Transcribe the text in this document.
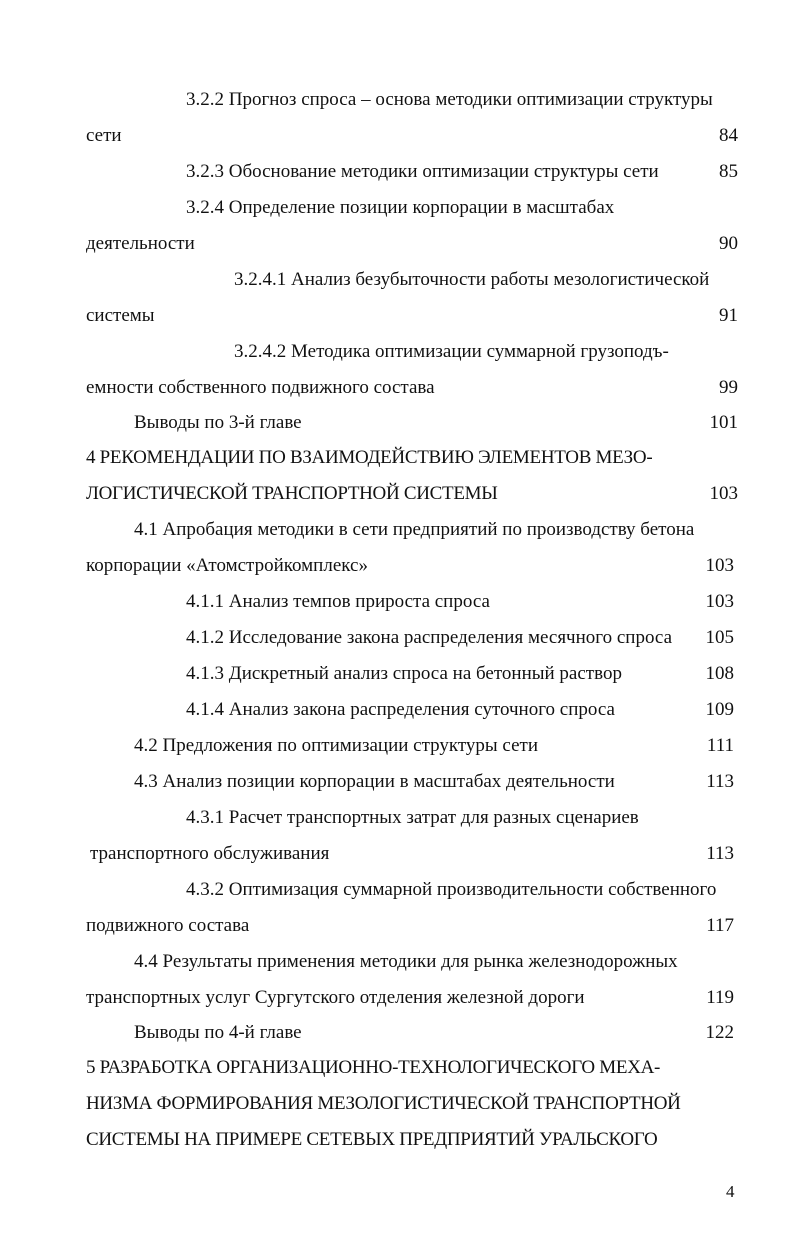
3.2.2 Прогноз спроса – основа методики оптимизации структуры
сети	84
3.2.3 Обоснование методики оптимизации структуры сети	85
3.2.4 Определение позиции корпорации в масштабах
деятельности	90
3.2.4.1 Анализ безубыточности работы мезологистической
системы	91
3.2.4.2 Методика оптимизации суммарной грузоподъ-
емности собственного подвижного состава	99
Выводы по 3-й главе	101
4 РЕКОМЕНДАЦИИ ПО ВЗАИМОДЕЙСТВИЮ ЭЛЕМЕНТОВ МЕЗО-
ЛОГИСТИЧЕСКОЙ ТРАНСПОРТНОЙ СИСТЕМЫ	103
4.1 Апробация методики в сети предприятий по производству бетона
корпорации «Атомстройкомплекс»	103
4.1.1 Анализ темпов прироста спроса	103
4.1.2 Исследование закона распределения месячного спроса	105
4.1.3 Дискретный анализ спроса на бетонный раствор	108
4.1.4 Анализ закона распределения суточного спроса	109
4.2 Предложения по оптимизации структуры сети	111
4.3 Анализ позиции корпорации в масштабах деятельности	113
4.3.1 Расчет транспортных затрат для разных сценариев
транспортного обслуживания	113
4.3.2 Оптимизация суммарной производительности собственного
подвижного состава	117
4.4 Результаты применения методики для рынка железнодорожных
транспортных услуг Сургутского отделения железной дороги	119
Выводы по 4-й главе	122
5 РАЗРАБОТКА ОРГАНИЗАЦИОННО-ТЕХНОЛОГИЧЕСКОГО МЕХА-
НИЗМА ФОРМИРОВАНИЯ МЕЗОЛОГИСТИЧЕСКОЙ ТРАНСПОРТНОЙ
СИСТЕМЫ НА ПРИМЕРЕ СЕТЕВЫХ ПРЕДПРИЯТИЙ УРАЛЬСКОГО
4
